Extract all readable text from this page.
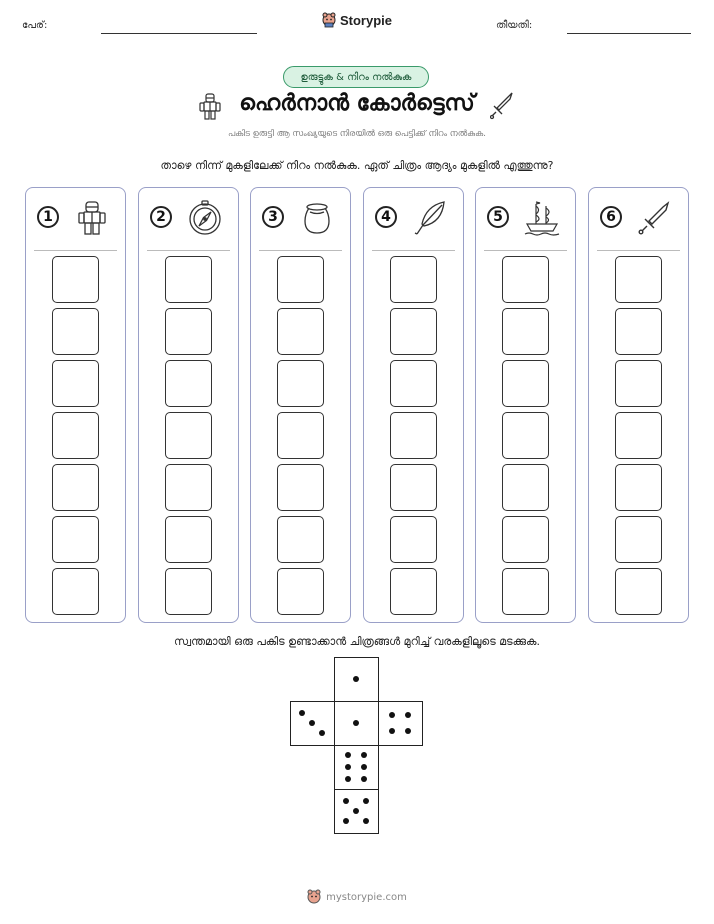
പേര്:	Storypie	തീയതി:
ഉരുട്ടുക & നിറം നൽകുക
ഹെർനാൻ കോർട്ടെസ്
പകിട ഉരുട്ടി ആ സംഖ്യയുടെ നിരയിൽ ഒരു പെട്ടിക്ക് നിറം നൽകുക.
താഴെ നിന്ന് മുകളിലേക്ക് നിറം നൽകുക. ഏത് ചിത്രം ആദ്യം മുകളിൽ എത്തുന്നു?
1	2	3	4	5	6
സ്വന്തമായി ഒരു പകിട ഉണ്ടാക്കാൻ ചിത്രങ്ങൾ മുറിച്ച് വരകളിലൂടെ മടക്കുക.
mystorypie.com
